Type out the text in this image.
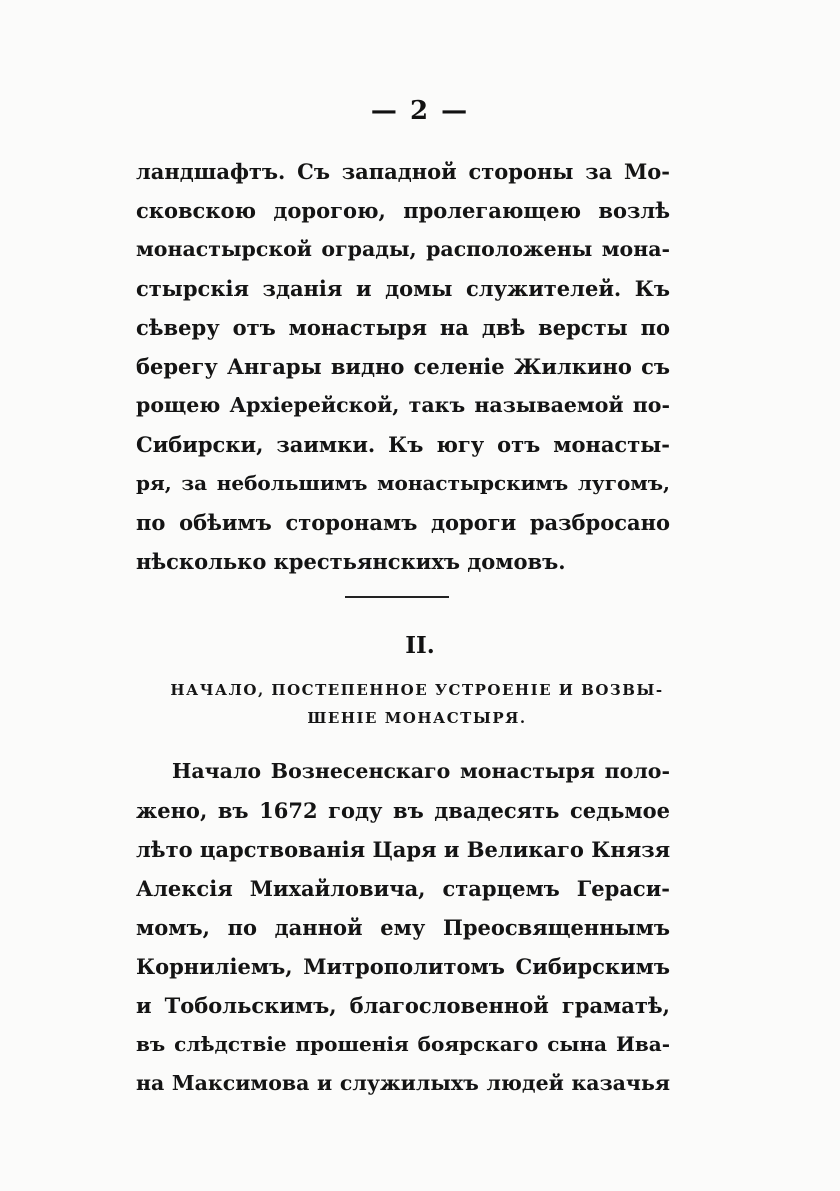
— 2 —
ландшафтъ. Съ западной стороны за Мо-
сковскою дорогою, пролегающею возлѣ
монастырской ограды, расположены мона-
стырскія зданія и домы служителей. Къ
сѣверу отъ монастыря на двѣ версты по
берегу Ангары видно селеніе Жилкино съ
рощею Архіерейской, такъ называемой по-
Сибирски, заимки. Къ югу отъ монасты-
ря, за небольшимъ монастырскимъ лугомъ,
по обѣимъ сторонамъ дороги разбросано
нѣсколько крестьянскихъ домовъ.
II.
НАЧАЛО, ПОСТЕПЕННОЕ УСТРОЕНІЕ И ВОЗВЫ-
ШЕНІЕ МОНАСТЫРЯ.
Начало Вознесенскаго монастыря поло-
жено, въ 1672 году въ двадесять седьмое
лѣто царствованія Царя и Великаго Князя
Алексія Михайловича, старцемъ Гераси-
момъ, по данной ему Преосвященнымъ
Корниліемъ, Митрополитомъ Сибирскимъ
и Тобольскимъ, благословенной граматѣ,
въ слѣдствіе прошенія боярскаго сына Ива-
на Максимова и служилыхъ людей казачья
